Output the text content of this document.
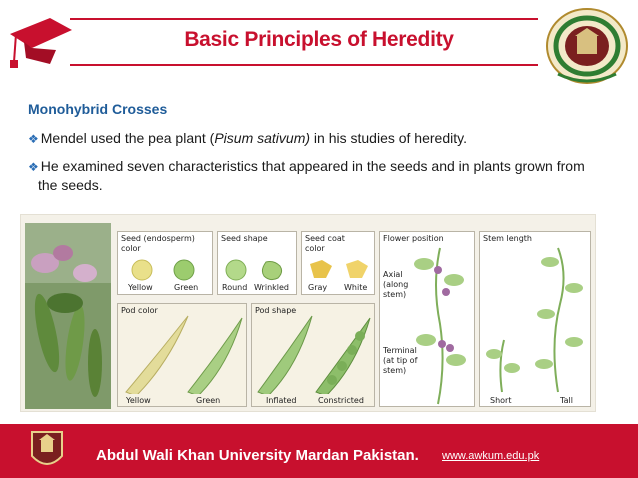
Basic Principles of Heredity
Monohybrid Crosses
❖ Mendel used the pea plant (Pisum sativum) in his studies of heredity.
❖ He examined seven characteristics that appeared in the seeds and in plants grown from
the seeds.
Seed (endosperm)
color
Yellow	Green
Seed shape
Round Wrinkled
Seed coat
color
Gray White
Pod color
Yellow	Green
Pod shape
Inflated	Constricted
Flower position
Axial
(along
stem)
Terminal
(at tip of
stem)
Stem length
Short	Tall
Abdul Wali Khan University Mardan Pakistan. www.awkum.edu.pk
